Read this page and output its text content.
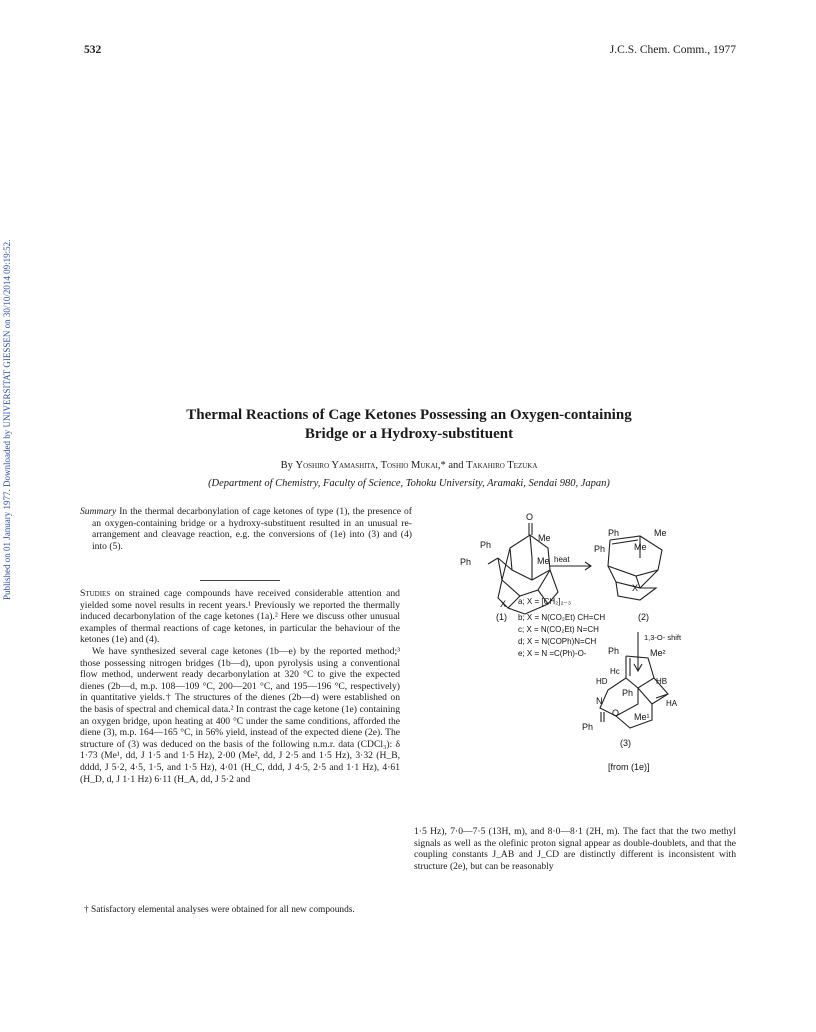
532	J.C.S. Chem. Comm., 1977
Published on 01 January 1977. Downloaded by UNIVERSITAT GIESSEN on 30/10/2014 09:19:52.	Thermal Reactions of Cage Ketones Possessing an Oxygen-containing
Bridge or a Hydroxy-substituent
By Yoshiro Yamashita, Toshio Mukai,* and Takahiro Tezuka
(Department of Chemistry, Faculty of Science, Tohoku University, Aramaki, Sendai 980, Japan)
Summary In the thermal decarbonylation of cage ketones of type (1), the presence of an oxygen-containing bridge or a hydroxy-substituent resulted in an unusual re-arrangement and cleavage reaction, e.g. the conversions of (1e) into (3) and (4) into (5).

Studies on strained cage compounds have received considerable attention and yielded some novel results in recent years.¹ Previously we reported the thermally induced decarbonylation of the cage ketones (1a).² Here we discuss other unusual examples of thermal reactions of cage ketones, in particular the behaviour of the ketones (1e) and (4).

We have synthesized several cage ketones (1b—e) by the reported method;³ those possessing nitrogen bridges (1b—d), upon pyrolysis using a conventional flow method, underwent ready decarbonylation at 320 °C to give the expected dienes (2b—d, m.p. 108—109 °C, 200—201 °C, and 195—196 °C, respectively) in quantitative yields.† The structures of the dienes (2b—d) were established on the basis of spectral and chemical data.² In contrast the cage ketone (1e) containing an oxygen bridge, upon heating at 400 °C under the same conditions, afforded the diene (3), m.p. 164—165 °C, in 56% yield, instead of the expected diene (2e). The structure of (3) was deduced on the basis of the following n.m.r. data (CDCl₃): δ 1·73 (Me¹, dd, J 1·5 and 1·5 Hz), 2·00 (Me², dd, J 2·5 and 1·5 Hz), 3·32 (H_B, dddd, J 5·2, 4·5, 1·5, and 1·5 Hz), 4·01 (H_C, ddd, J 4·5, 2·5 and 1·1 Hz), 4·61 (H_D, d, J 1·1 Hz) 6·11 (H_A, dd, J 5·2 and

1·5 Hz), 7·0—7·5 (13H, m), and 8·0—8·1 (2H, m). The fact that the two methyl signals as well as the olefinic proton signal appear as double-doublets, and that the coupling constants J_AB and J_CD are distinctly different is inconsistent with structure (2e), but can be reasonably

† Satisfactory elemental analyses were obtained for all new compounds.
O
Ph
Me
Ph	Me
X
heat
Ph	Me
Ph	Me
X
(1)
a; X = [CH₂]₂₋₃
b; X = N(CO₂Et) CH=CH
c; X = N(CO₂Et) N=CH
d; X = N(COPh)N=CH
e; X = N =C(Ph)-O-
(2)
1,3-O- shift
Ph	Me²
Hc
HD	HB
Ph
HA
N
O
Ph
Me¹
(3)
[from (1e)]
